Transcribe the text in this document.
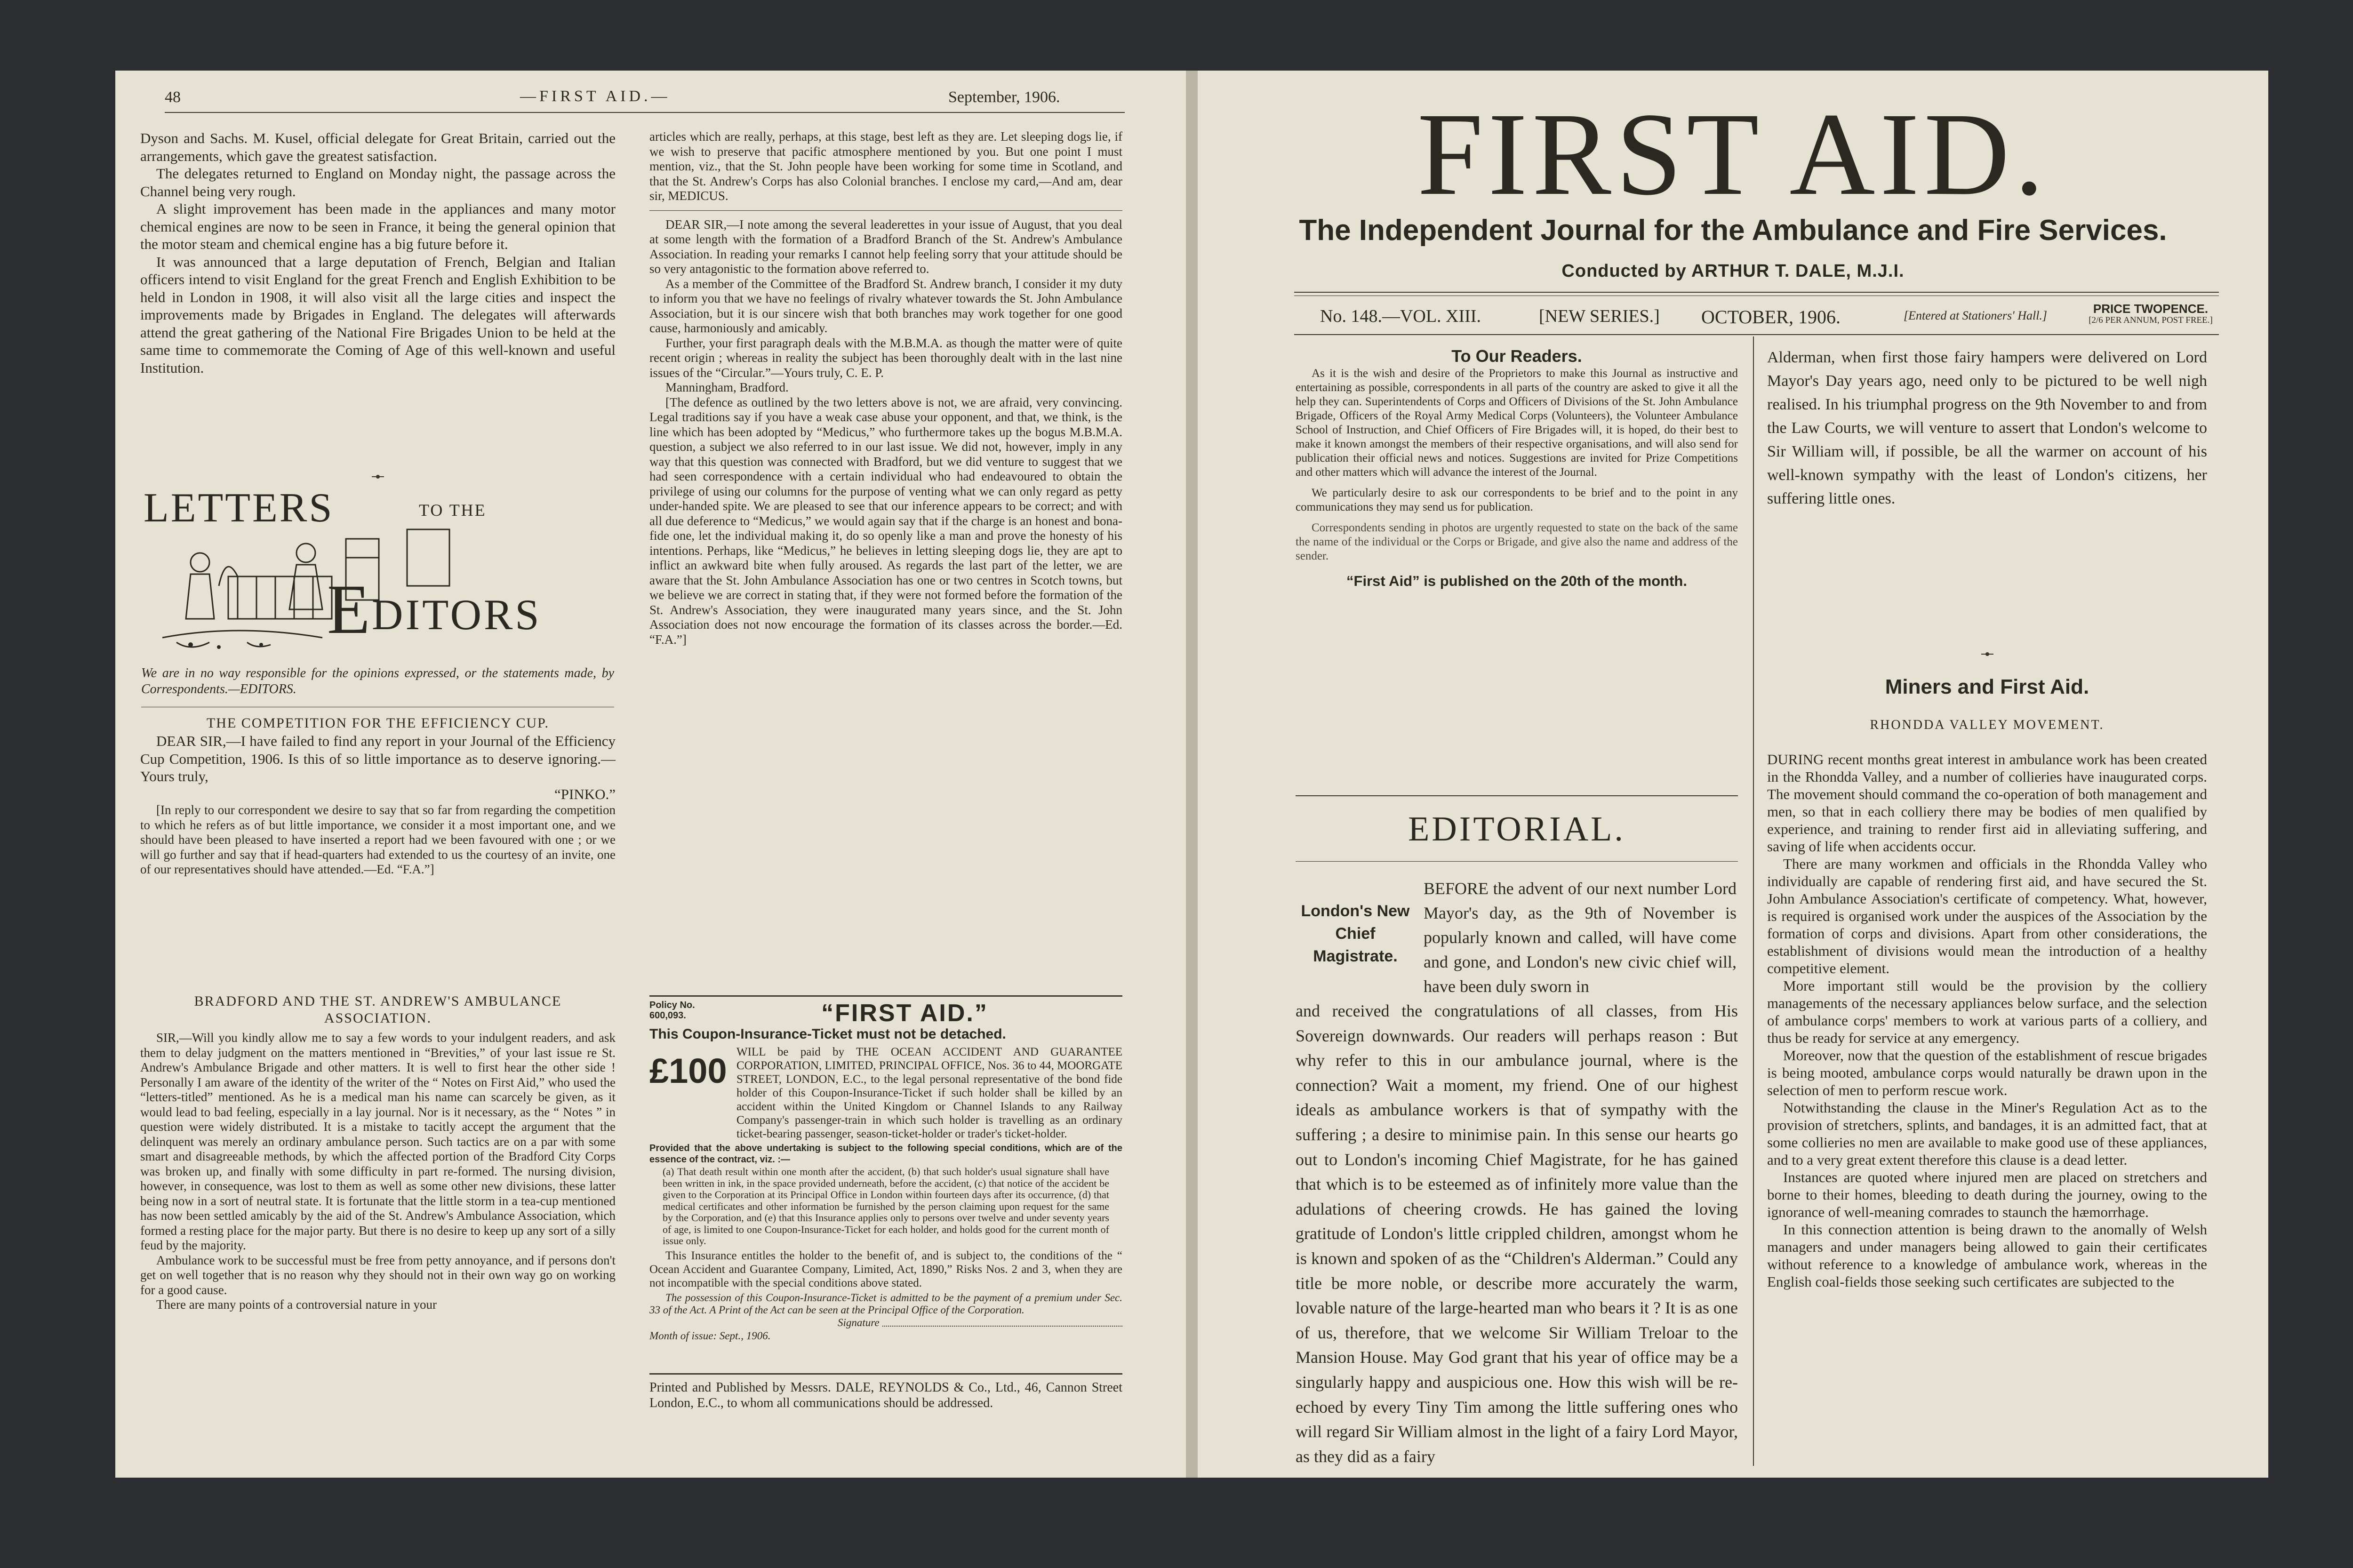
48	—FIRST AID.—	September, 1906.

Dyson and Sachs. M. Kusel, official delegate for Great Britain, carried out the arrangements, which gave the greatest satisfaction.

The delegates returned to England on Monday night, the passage across the Channel being very rough.

A slight improvement has been made in the appliances and many motor chemical engines are now to be seen in France, it being the general opinion that the motor steam and chemical engine has a big future before it.

It was announced that a large deputation of French, Belgian and Italian officers intend to visit England for the great French and English Exhibition to be held in London in 1908, it will also visit all the large cities and inspect the improvements made by Brigades in England. The delegates will afterwards attend the great gathering of the National Fire Brigades Union to be held at the same time to commemorate the Coming of Age of this well-known and useful Institution.

LETTERS	TO THE
E DITORS
We are in no way responsible for the opinions expressed, or the statements made, by Correspondents.—EDITORS.
THE COMPETITION FOR THE EFFICIENCY CUP.

DEAR SIR,—I have failed to find any report in your Journal of the Efficiency Cup Competition, 1906. Is this of so little importance as to deserve ignoring.—Yours truly,

“PINKO.”

[In reply to our correspondent we desire to say that so far from regarding the competition to which he refers as of but little importance, we consider it a most important one, and we should have been pleased to have inserted a report had we been favoured with one ; or we will go further and say that if head-quarters had extended to us the courtesy of an invite, one of our representatives should have attended.—Ed. “F.A.”]

BRADFORD AND THE ST. ANDREW'S AMBULANCE ASSOCIATION.

SIR,—Will you kindly allow me to say a few words to your indulgent readers, and ask them to delay judgment on the matters mentioned in “Brevities,” of your last issue re St. Andrew's Ambulance Brigade and other matters. It is well to first hear the other side ! Personally I am aware of the identity of the writer of the “ Notes on First Aid,” who used the “letters-titled” mentioned. As he is a medical man his name can scarcely be given, as it would lead to bad feeling, especially in a lay journal. Nor is it necessary, as the “ Notes ” in question were widely distributed. It is a mistake to tacitly accept the argument that the delinquent was merely an ordinary ambulance person. Such tactics are on a par with some smart and disagreeable methods, by which the affected portion of the Bradford City Corps was broken up, and finally with some difficulty in part re-formed. The nursing division, however, in consequence, was lost to them as well as some other new divisions, these latter being now in a sort of neutral state. It is fortunate that the little storm in a tea-cup mentioned has now been settled amicably by the aid of the St. Andrew's Ambulance Association, which formed a resting place for the major party. But there is no desire to keep up any sort of a silly feud by the majority.

Ambulance work to be successful must be free from petty annoyance, and if persons don't get on well together that is no reason why they should not in their own way go on working for a good cause.

There are many points of a controversial nature in your

articles which are really, perhaps, at this stage, best left as they are. Let sleeping dogs lie, if we wish to preserve that pacific atmosphere mentioned by you. But one point I must mention, viz., that the St. John people have been working for some time in Scotland, and that the St. Andrew's Corps has also Colonial branches. I enclose my card,—And am, dear sir, MEDICUS.

DEAR SIR,—I note among the several leaderettes in your issue of August, that you deal at some length with the formation of a Bradford Branch of the St. Andrew's Ambulance Association. In reading your remarks I cannot help feeling sorry that your attitude should be so very antagonistic to the formation above referred to.

As a member of the Committee of the Bradford St. Andrew branch, I consider it my duty to inform you that we have no feelings of rivalry whatever towards the St. John Ambulance Association, but it is our sincere wish that both branches may work together for one good cause, harmoniously and amicably.

Further, your first paragraph deals with the M.B.M.A. as though the matter were of quite recent origin ; whereas in reality the subject has been thoroughly dealt with in the last nine issues of the “Circular.”—Yours truly, C. E. P.

Manningham, Bradford.

[The defence as outlined by the two letters above is not, we are afraid, very convincing. Legal traditions say if you have a weak case abuse your opponent, and that, we think, is the line which has been adopted by “Medicus,” who furthermore takes up the bogus M.B.M.A. question, a subject we also referred to in our last issue. We did not, however, imply in any way that this question was connected with Bradford, but we did venture to suggest that we had seen correspondence with a certain individual who had endeavoured to obtain the privilege of using our columns for the purpose of venting what we can only regard as petty under-handed spite. We are pleased to see that our inference appears to be correct; and with all due deference to “Medicus,” we would again say that if the charge is an honest and bona-fide one, let the individual making it, do so openly like a man and prove the honesty of his intentions. Perhaps, like “Medicus,” he believes in letting sleeping dogs lie, they are apt to inflict an awkward bite when fully aroused. As regards the last part of the letter, we are aware that the St. John Ambulance Association has one or two centres in Scotch towns, but we believe we are correct in stating that, if they were not formed before the formation of the St. Andrew's Association, they were inaugurated many years since, and the St. John Association does not now encourage the formation of its classes across the border.—Ed. “F.A.”]

Policy No. 600,093.	“FIRST AID.”
This Coupon-Insurance-Ticket must not be detached.
£100 WILL be paid by THE OCEAN ACCIDENT AND GUARANTEE CORPORATION, LIMITED, PRINCIPAL OFFICE, Nos. 36 to 44, MOORGATE STREET, LONDON, E.C., to the legal personal representative of the bond fide holder of this Coupon-Insurance-Ticket if such holder shall be killed by an accident within the United Kingdom or Channel Islands to any Railway Company's passenger-train in which such holder is travelling as an ordinary ticket-bearing passenger, season-ticket-holder or trader's ticket-holder.

Provided that the above undertaking is subject to the following special conditions, which are of the essence of the contract, viz. :—

(a) That death result within one month after the accident, (b) that such holder's usual signature shall have been written in ink, in the space provided underneath, before the accident, (c) that notice of the accident be given to the Corporation at its Principal Office in London within fourteen days after its occurrence, (d) that medical certificates and other information be furnished by the person claiming upon request for the same by the Corporation, and (e) that this Insurance applies only to persons over twelve and under seventy years of age, is limited to one Coupon-Insurance-Ticket for each holder, and holds good for the current month of issue only.

This Insurance entitles the holder to the benefit of, and is subject to, the conditions of the “ Ocean Accident and Guarantee Company, Limited, Act, 1890,” Risks Nos. 2 and 3, when they are not incompatible with the special conditions above stated.

The possession of this Coupon-Insurance-Ticket is admitted to be the payment of a premium under Sec. 33 of the Act. A Print of the Act can be seen at the Principal Office of the Corporation.

Signature

Month of issue: Sept., 1906.

Printed and Published by Messrs. DALE, REYNOLDS & Co., Ltd., 46, Cannon Street London, E.C., to whom all communications should be addressed.

FIRST AID.
The Independent Journal for the Ambulance and Fire Services.
Conducted by ARTHUR T. DALE, M.J.I.
No. 148.—VOL. XIII.	[NEW SERIES.] OCTOBER, 1906.	[Entered at Stationers' Hall.]	PRICE TWOPENCE.
[2/6 PER ANNUM, POST FREE.]
To Our Readers.

As it is the wish and desire of the Proprietors to make this Journal as instructive and entertaining as possible, correspondents in all parts of the country are asked to give it all the help they can. Superintendents of Corps and Officers of Divisions of the St. John Ambulance Brigade, Officers of the Royal Army Medical Corps (Volunteers), the Volunteer Ambulance School of Instruction, and Chief Officers of Fire Brigades will, it is hoped, do their best to make it known amongst the members of their respective organisations, and will also send for publication their official news and notices. Suggestions are invited for Prize Competitions and other matters which will advance the interest of the Journal.

We particularly desire to ask our correspondents to be brief and to the point in any communications they may send us for publication.

Correspondents sending in photos are urgently requested to state on the back of the same the name of the individual or the Corps or Brigade, and give also the name and address of the sender.

“First Aid” is published on the 20th of the month.
EDITORIAL.
London's New Chief Magistrate.

BEFORE the advent of our next number Lord Mayor's day, as the 9th of November is popularly known and called, will have come and gone, and London's new civic chief will, have been duly sworn in

and received the congratulations of all classes, from His Sovereign downwards. Our readers will perhaps reason : But why refer to this in our ambulance journal, where is the connection? Wait a moment, my friend. One of our highest ideals as ambulance workers is that of sympathy with the suffering ; a desire to minimise pain. In this sense our hearts go out to London's incoming Chief Magistrate, for he has gained that which is to be esteemed as of infinitely more value than the adulations of cheering crowds. He has gained the loving gratitude of London's little crippled children, amongst whom he is known and spoken of as the “Children's Alderman.” Could any title be more noble, or describe more accurately the warm, lovable nature of the large-hearted man who bears it ? It is as one of us, therefore, that we welcome Sir William Treloar to the Mansion House. May God grant that his year of office may be a singularly happy and auspicious one. How this wish will be re-echoed by every Tiny Tim among the little suffering ones who will regard Sir William almost in the light of a fairy Lord Mayor, as they did as a fairy

Alderman, when first those fairy hampers were delivered on Lord Mayor's Day years ago, need only to be pictured to be well nigh realised. In his triumphal progress on the 9th November to and from the Law Courts, we will venture to assert that London's welcome to Sir William will, if possible, be all the warmer on account of his well-known sympathy with the least of London's citizens, her suffering little ones.

Miners and First Aid.
RHONDDA VALLEY MOVEMENT.

DURING recent months great interest in ambulance work has been created in the Rhondda Valley, and a number of collieries have inaugurated corps. The movement should command the co-operation of both management and men, so that in each colliery there may be bodies of men qualified by experience, and training to render first aid in alleviating suffering, and saving of life when accidents occur.

There are many workmen and officials in the Rhondda Valley who individually are capable of rendering first aid, and have secured the St. John Ambulance Association's certificate of competency. What, however, is required is organised work under the auspices of the Association by the formation of corps and divisions. Apart from other considerations, the establishment of divisions would mean the introduction of a healthy competitive element.

More important still would be the provision by the colliery managements of the necessary appliances below surface, and the selection of ambulance corps' members to work at various parts of a colliery, and thus be ready for service at any emergency.

Moreover, now that the question of the establishment of rescue brigades is being mooted, ambulance corps would naturally be drawn upon in the selection of men to perform rescue work.

Notwithstanding the clause in the Miner's Regulation Act as to the provision of stretchers, splints, and bandages, it is an admitted fact, that at some collieries no men are available to make good use of these appliances, and to a very great extent therefore this clause is a dead letter.

Instances are quoted where injured men are placed on stretchers and borne to their homes, bleeding to death during the journey, owing to the ignorance of well-meaning comrades to staunch the hæmorrhage.

In this connection attention is being drawn to the anomally of Welsh managers and under managers being allowed to gain their certificates without reference to a knowledge of ambulance work, whereas in the English coal-fields those seeking such certificates are subjected to the
